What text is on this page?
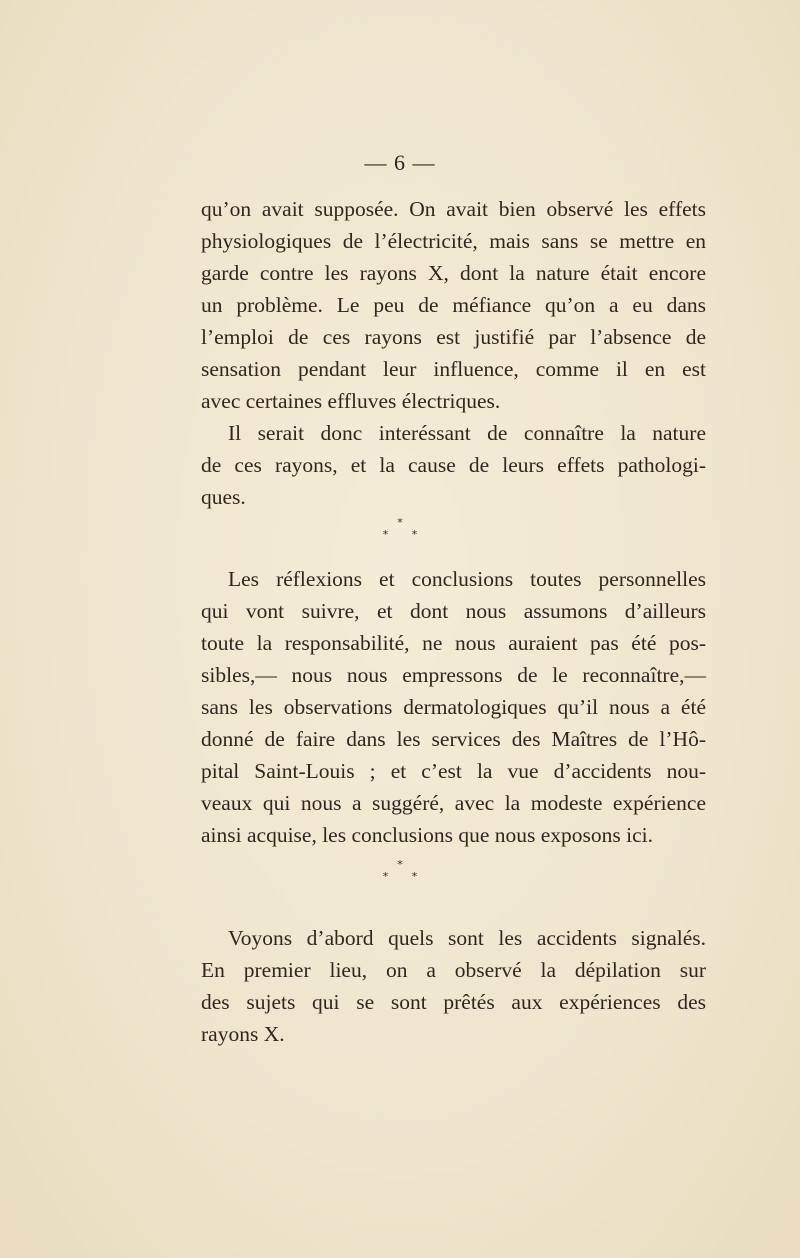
— 6 —
qu’on avait supposée. On avait bien observé les effets
physiologiques de l’électricité, mais sans se mettre en
garde contre les rayons X, dont la nature était encore
un problème. Le peu de méfiance qu’on a eu dans
l’emploi de ces rayons est justifié par l’absence de
sensation pendant leur influence, comme il en est
avec certaines effluves électriques.
Il serait donc interéssant de connaître la nature
de ces rayons, et la cause de leurs effets pathologi-
ques.
*
* *
Les réflexions et conclusions toutes personnelles
qui vont suivre, et dont nous assumons d’ailleurs
toute la responsabilité, ne nous auraient pas été pos-
sibles,— nous nous empressons de le reconnaître,—
sans les observations dermatologiques qu’il nous a été
donné de faire dans les services des Maîtres de l’Hô-
pital Saint-Louis ; et c’est la vue d’accidents nou-
veaux qui nous a suggéré, avec la modeste expérience
ainsi acquise, les conclusions que nous exposons ici.
*
* *
Voyons d’abord quels sont les accidents signalés.
En premier lieu, on a observé la dépilation sur
des sujets qui se sont prêtés aux expériences des
rayons X.
